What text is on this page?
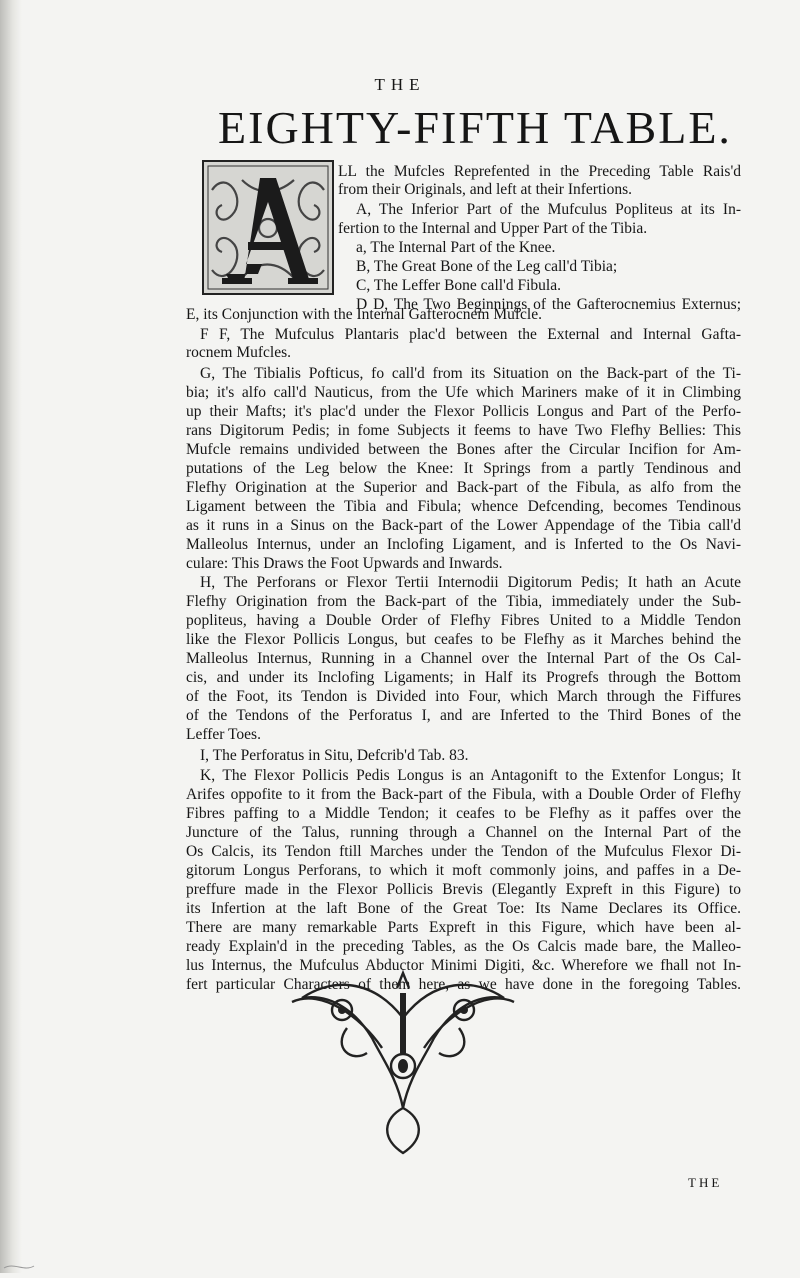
THE
EIGHTY-FIFTH TABLE.
LL the Mufcles Reprefented in the Preceding Table Rais'd
from their Originals, and left at their Infertions.
A, The Inferior Part of the Mufculus Popliteus at its In-
fertion to the Internal and Upper Part of the Tibia.
a, The Internal Part of the Knee.
B, The Great Bone of the Leg call'd Tibia;
C, The Leffer Bone call'd Fibula.
D D, The Two Beginnings of the Gafterocnemius Externus;
E, its Conjunction with the Internal Gafterocnem Mufcle.
F F, The Mufculus Plantaris plac'd between the External and Internal Gafta-
rocnem Mufcles.
G, The Tibialis Pofticus, fo call'd from its Situation on the Back-part of the Ti-
bia; it's alfo call'd Nauticus, from the Ufe which Mariners make of it in Climbing
up their Mafts; it's plac'd under the Flexor Pollicis Longus and Part of the Perfo-
rans Digitorum Pedis; in fome Subjects it feems to have Two Flefhy Bellies: This
Mufcle remains undivided between the Bones after the Circular Incifion for Am-
putations of the Leg below the Knee: It Springs from a partly Tendinous and
Flefhy Origination at the Superior and Back-part of the Fibula, as alfo from the
Ligament between the Tibia and Fibula; whence Defcending, becomes Tendinous
as it runs in a Sinus on the Back-part of the Lower Appendage of the Tibia call'd
Malleolus Internus, under an Inclofing Ligament, and is Inferted to the Os Navi-
culare: This Draws the Foot Upwards and Inwards.
H, The Perforans or Flexor Tertii Internodii Digitorum Pedis; It hath an Acute
Flefhy Origination from the Back-part of the Tibia, immediately under the Sub-
popliteus, having a Double Order of Flefhy Fibres United to a Middle Tendon
like the Flexor Pollicis Longus, but ceafes to be Flefhy as it Marches behind the
Malleolus Internus, Running in a Channel over the Internal Part of the Os Cal-
cis, and under its Inclofing Ligaments; in Half its Progrefs through the Bottom
of the Foot, its Tendon is Divided into Four, which March through the Fiffures
of the Tendons of the Perforatus I, and are Inferted to the Third Bones of the
Leffer Toes.
I, The Perforatus in Situ, Defcrib'd Tab. 83.
K, The Flexor Pollicis Pedis Longus is an Antagonift to the Extenfor Longus; It
Arifes oppofite to it from the Back-part of the Fibula, with a Double Order of Flefhy
Fibres paffing to a Middle Tendon; it ceafes to be Flefhy as it paffes over the
Juncture of the Talus, running through a Channel on the Internal Part of the
Os Calcis, its Tendon ftill Marches under the Tendon of the Mufculus Flexor Di-
gitorum Longus Perforans, to which it moft commonly joins, and paffes in a De-
preffure made in the Flexor Pollicis Brevis (Elegantly Expreft in this Figure) to
its Infertion at the laft Bone of the Great Toe: Its Name Declares its Office.
There are many remarkable Parts Expreft in this Figure, which have been al-
ready Explain'd in the preceding Tables, as the Os Calcis made bare, the Malleo-
lus Internus, the Mufculus Abductor Minimi Digiti, &c. Wherefore we fhall not In-
fert particular Characters of them here, as we have done in the foregoing Tables.
THE
